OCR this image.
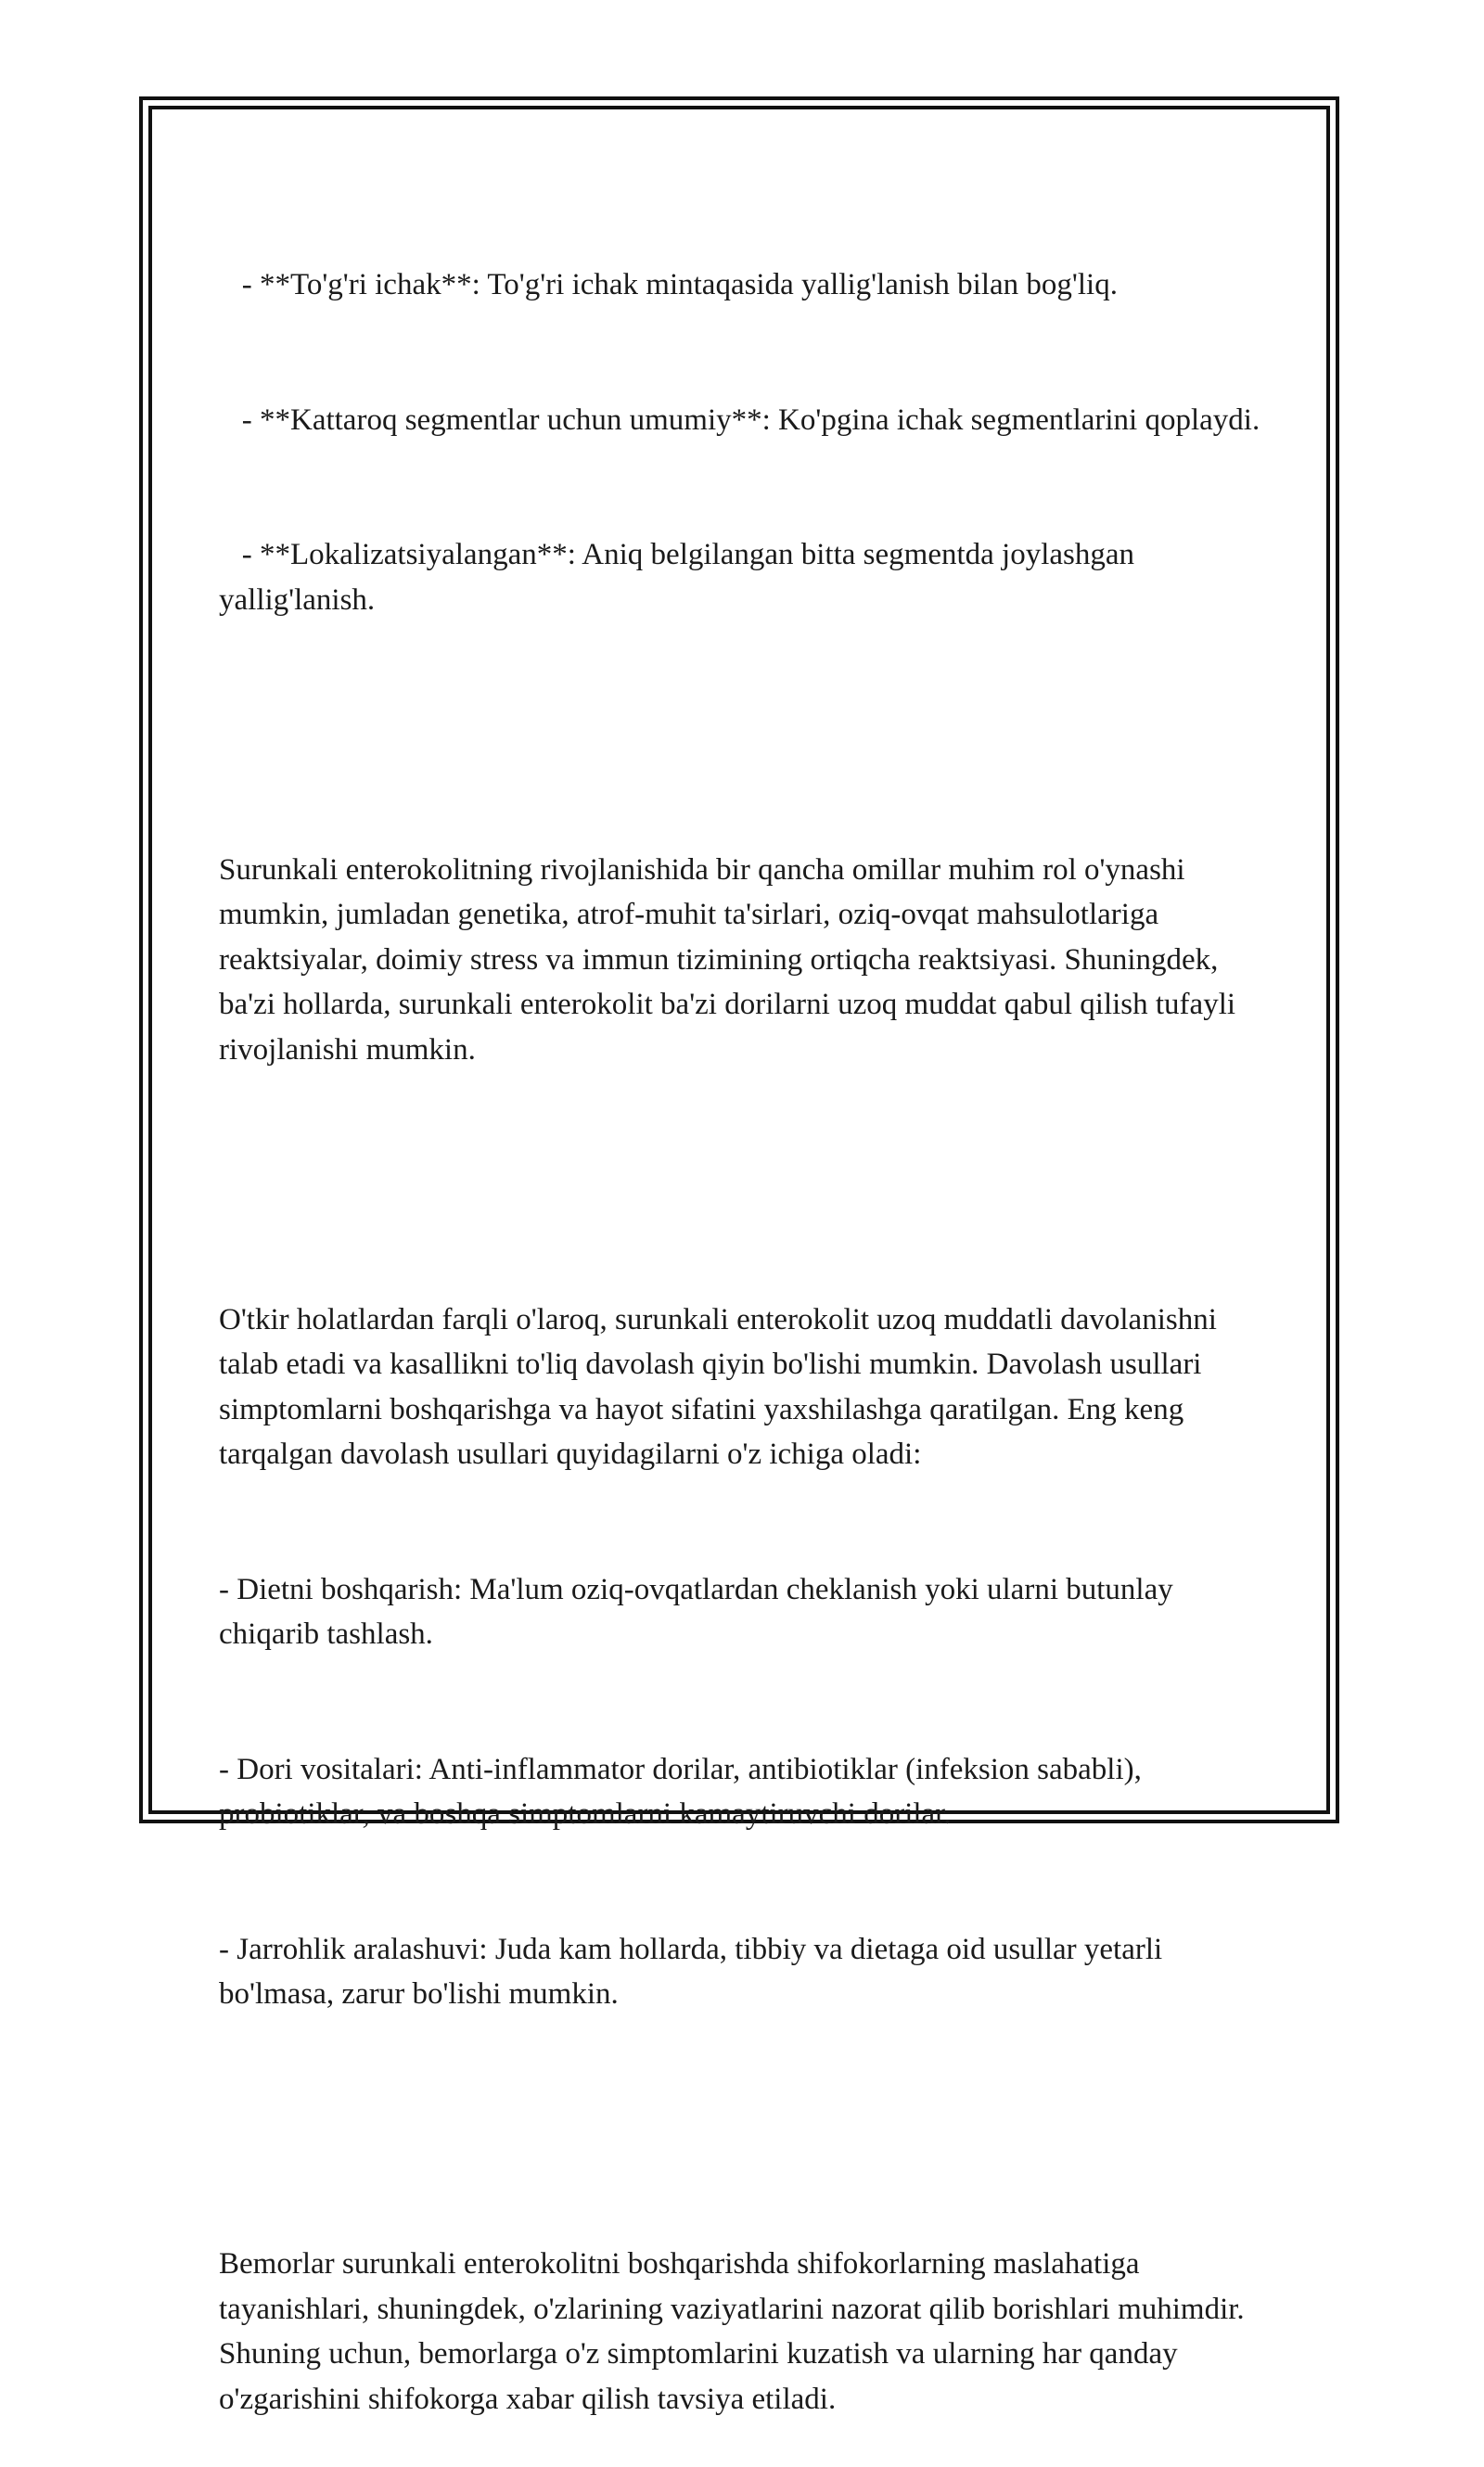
- **To'g'ri ichak**: To'g'ri ichak mintaqasida yallig'lanish bilan bog'liq.

- **Kattaroq segmentlar uchun umumiy**: Ko'pgina ichak segmentlarini qoplaydi.

- **Lokalizatsiyalangan**: Aniq belgilangan bitta segmentda joylashgan yallig'lanish.

Surunkali enterokolitning rivojlanishida bir qancha omillar muhim rol o'ynashi mumkin, jumladan genetika, atrof-muhit ta'sirlari, oziq-ovqat mahsulotlariga reaktsiyalar, doimiy stress va immun tizimining ortiqcha reaktsiyasi. Shuningdek, ba'zi hollarda, surunkali enterokolit ba'zi dorilarni uzoq muddat qabul qilish tufayli rivojlanishi mumkin.

O'tkir holatlardan farqli o'laroq, surunkali enterokolit uzoq muddatli davolanishni talab etadi va kasallikni to'liq davolash qiyin bo'lishi mumkin. Davolash usullari simptomlarni boshqarishga va hayot sifatini yaxshilashga qaratilgan. Eng keng tarqalgan davolash usullari quyidagilarni o'z ichiga oladi:

- Dietni boshqarish: Ma'lum oziq-ovqatlardan cheklanish yoki ularni butunlay chiqarib tashlash.

- Dori vositalari: Anti-inflammator dorilar, antibiotiklar (infeksion sababli), probiotiklar, va boshqa simptomlarni kamaytiruvchi dorilar.

- Jarrohlik aralashuvi: Juda kam hollarda, tibbiy va dietaga oid usullar yetarli bo'lmasa, zarur bo'lishi mumkin.

Bemorlar surunkali enterokolitni boshqarishda shifokorlarning maslahatiga tayanishlari, shuningdek, o'zlarining vaziyatlarini nazorat qilib borishlari muhimdir. Shuning uchun, bemorlarga o'z simptomlarini kuzatish va ularning har qanday o'zgarishini shifokorga xabar qilish tavsiya etiladi.
